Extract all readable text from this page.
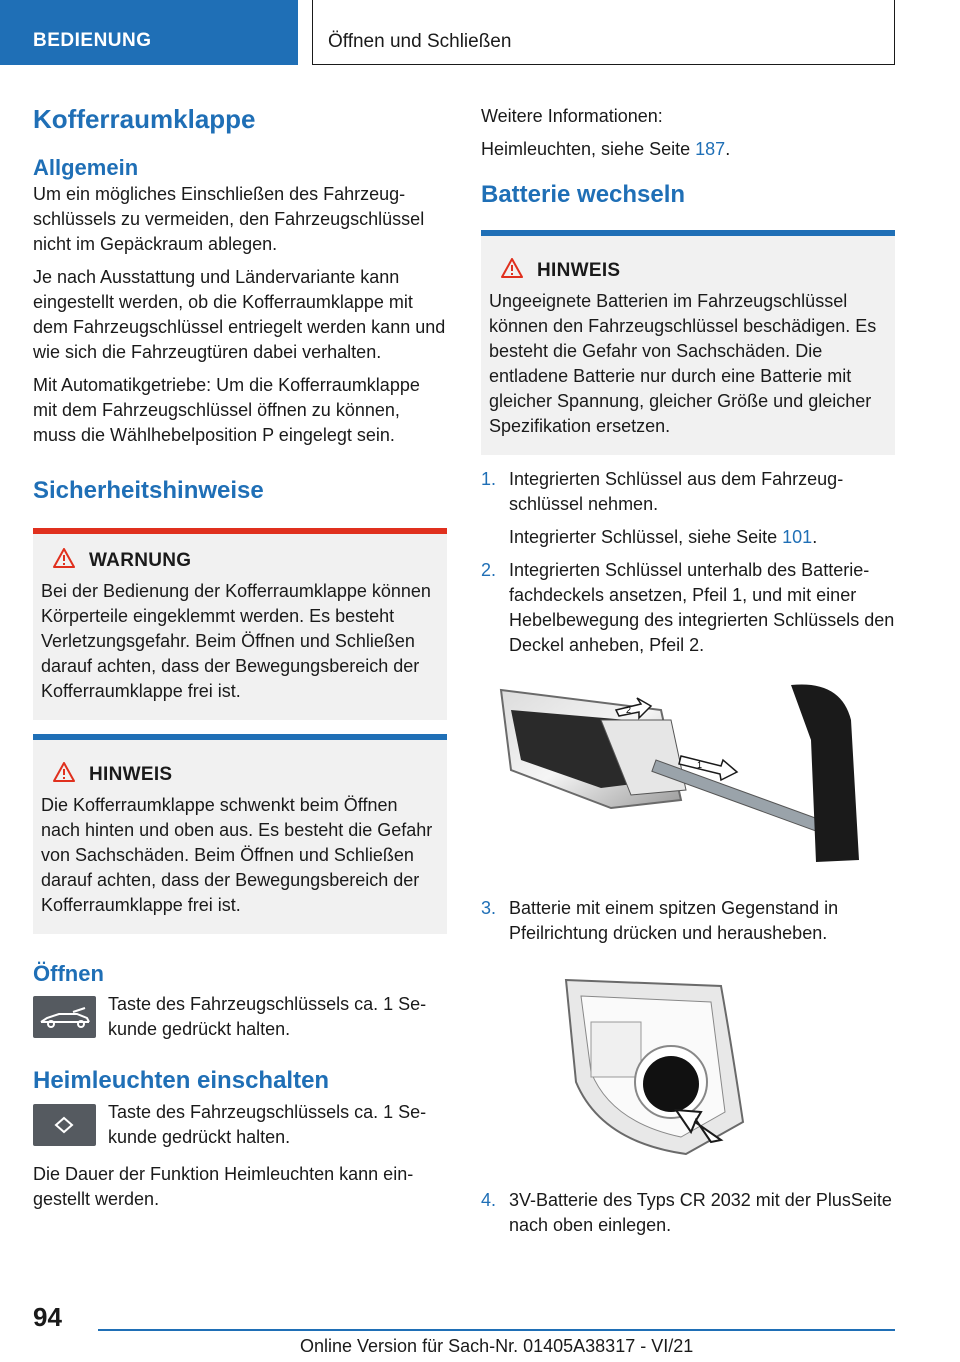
BEDIENUNG	Öffnen und Schließen
Kofferraumklappe
Allgemein

Um ein mögliches Einschließen des Fahrzeugschlüssels zu vermeiden, den Fahrzeugschlüssel nicht im Gepäckraum ablegen.

Je nach Ausstattung und Ländervariante kann eingestellt werden, ob die Kofferraumklappe mit dem Fahrzeugschlüssel entriegelt werden kann und wie sich die Fahrzeugtüren dabei verhalten.

Mit Automatikgetriebe: Um die Kofferraumklappe mit dem Fahrzeugschlüssel öffnen zu können, muss die Wählhebelposition P eingelegt sein.

Sicherheitshinweise
WARNUNG

Bei der Bedienung der Kofferraumklappe können Körperteile eingeklemmt werden. Es besteht Verletzungsgefahr. Beim Öffnen und Schließen darauf achten, dass der Bewegungsbereich der Kofferraumklappe frei ist.

HINWEIS

Die Kofferraumklappe schwenkt beim Öffnen nach hinten und oben aus. Es besteht die Gefahr von Sachschäden. Beim Öffnen und Schließen darauf achten, dass der Bewegungsbereich der Kofferraumklappe frei ist.

Öffnen

Taste des Fahrzeugschlüssels ca. 1 Sekunde gedrückt halten.

Heimleuchten einschalten

Taste des Fahrzeugschlüssels ca. 1 Sekunde gedrückt halten.

Die Dauer der Funktion Heimleuchten kann eingestellt werden.

Weitere Informationen:

Heimleuchten, siehe Seite 187.

Batterie wechseln
HINWEIS

Ungeeignete Batterien im Fahrzeugschlüssel können den Fahrzeugschlüssel beschädigen. Es besteht die Gefahr von Sachschäden. Die entladene Batterie nur durch eine Batterie mit gleicher Spannung, gleicher Größe und gleicher Spezifikation ersetzen.

1. Integrierten Schlüssel aus dem Fahrzeugschlüssel nehmen.

Integrierter Schlüssel, siehe Seite 101.

2. Integrierten Schlüssel unterhalb des Batteriefachdeckels ansetzen, Pfeil 1, und mit einer Hebelbewegung des integrierten Schlüssels den Deckel anheben, Pfeil 2.

2
1
3. Batterie mit einem spitzen Gegenstand in Pfeilrichtung drücken und herausheben.

4. 3V-Batterie des Typs CR 2032 mit der PlusSeite nach oben einlegen.

94
Online Version für Sach-Nr. 01405A38317 - VI/21
